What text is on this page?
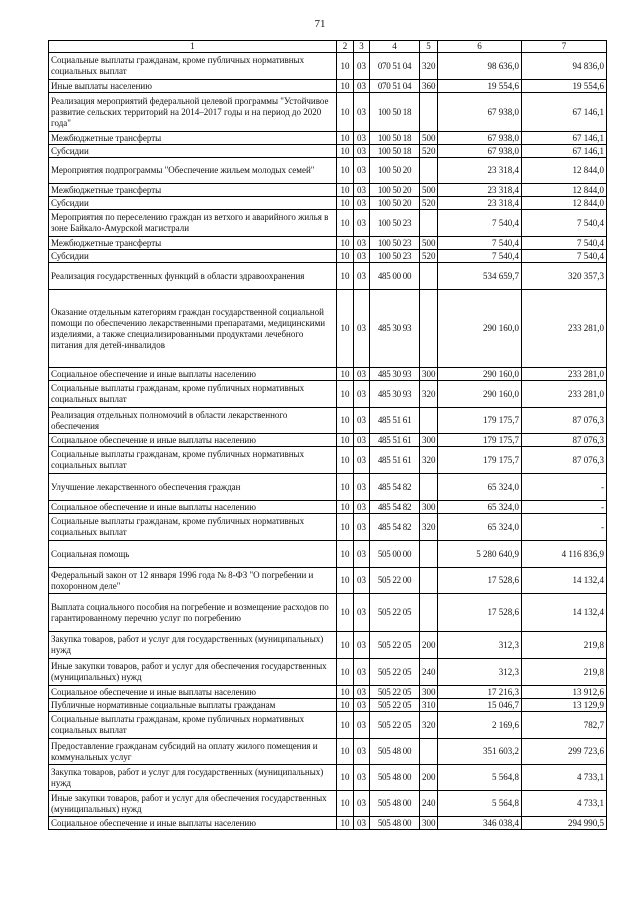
71
1	2	3	4	5	6	7
Социальные выплаты гражданам, кроме публичных нормативных социальных выплат	10	03	070 51 04	320	98 636,0	94 836,0
Иные выплаты населению	10	03	070 51 04	360	19 554,6	19 554,6
Реализация мероприятий федеральной целевой программы "Устойчивое развитие сельских территорий на 2014–2017 годы и на период до 2020 года"	10	03	100 50 18		67 938,0	67 146,1
Межбюджетные трансферты	10	03	100 50 18	500	67 938,0	67 146,1
Субсидии	10	03	100 50 18	520	67 938,0	67 146,1
Мероприятия подпрограммы "Обеспечение жильем молодых семей"	10	03	100 50 20		23 318,4	12 844,0
Межбюджетные трансферты	10	03	100 50 20	500	23 318,4	12 844,0
Субсидии	10	03	100 50 20	520	23 318,4	12 844,0
Мероприятия по переселению граждан из ветхого и аварийного жилья в зоне Байкало-Амурской магистрали	10	03	100 50 23		7 540,4	7 540,4
Межбюджетные трансферты	10	03	100 50 23	500	7 540,4	7 540,4
Субсидии	10	03	100 50 23	520	7 540,4	7 540,4
Реализация государственных функций в области здравоохранения	10	03	485 00 00		534 659,7	320 357,3
Оказание отдельным категориям граждан государственной социальной помощи по обеспечению лекарственными препаратами, медицинскими изделиями, а также специализированными продуктами лечебного питания для детей-инвалидов	10	03	485 30 93		290 160,0	233 281,0
Социальное обеспечение и иные выплаты населению	10	03	485 30 93	300	290 160,0	233 281,0
Социальные выплаты гражданам, кроме публичных нормативных социальных выплат	10	03	485 30 93	320	290 160,0	233 281,0
Реализация отдельных полномочий в области лекарственного обеспечения	10	03	485 51 61		179 175,7	87 076,3
Социальное обеспечение и иные выплаты населению	10	03	485 51 61	300	179 175,7	87 076,3
Социальные выплаты гражданам, кроме публичных нормативных социальных выплат	10	03	485 51 61	320	179 175,7	87 076,3
Улучшение лекарственного обеспечения граждан	10	03	485 54 82		65 324,0	-
Социальное обеспечение и иные выплаты населению	10	03	485 54 82	300	65 324,0	-
Социальные выплаты гражданам, кроме публичных нормативных социальных выплат	10	03	485 54 82	320	65 324,0	-
Социальная помощь	10	03	505 00 00		5 280 640,9	4 116 836,9
Федеральный закон от 12 января 1996 года № 8-ФЗ "О погребении и похоронном деле"	10	03	505 22 00		17 528,6	14 132,4
Выплата социального пособия на погребение и возмещение расходов по гарантированному перечню услуг по погребению	10	03	505 22 05		17 528,6	14 132,4
Закупка товаров, работ и услуг для государственных (муниципальных) нужд	10	03	505 22 05	200	312,3	219,8
Иные закупки товаров, работ и услуг для обеспечения государственных (муниципальных) нужд	10	03	505 22 05	240	312,3	219,8
Социальное обеспечение и иные выплаты населению	10	03	505 22 05	300	17 216,3	13 912,6
Публичные нормативные социальные выплаты гражданам	10	03	505 22 05	310	15 046,7	13 129,9
Социальные выплаты гражданам, кроме публичных нормативных социальных выплат	10	03	505 22 05	320	2 169,6	782,7
Предоставление гражданам субсидий на оплату жилого помещения и коммунальных услуг	10	03	505 48 00		351 603,2	299 723,6
Закупка товаров, работ и услуг для государственных (муниципальных) нужд	10	03	505 48 00	200	5 564,8	4 733,1
Иные закупки товаров, работ и услуг для обеспечения государственных (муниципальных) нужд	10	03	505 48 00	240	5 564,8	4 733,1
Социальное обеспечение и иные выплаты населению	10	03	505 48 00	300	346 038,4	294 990,5
